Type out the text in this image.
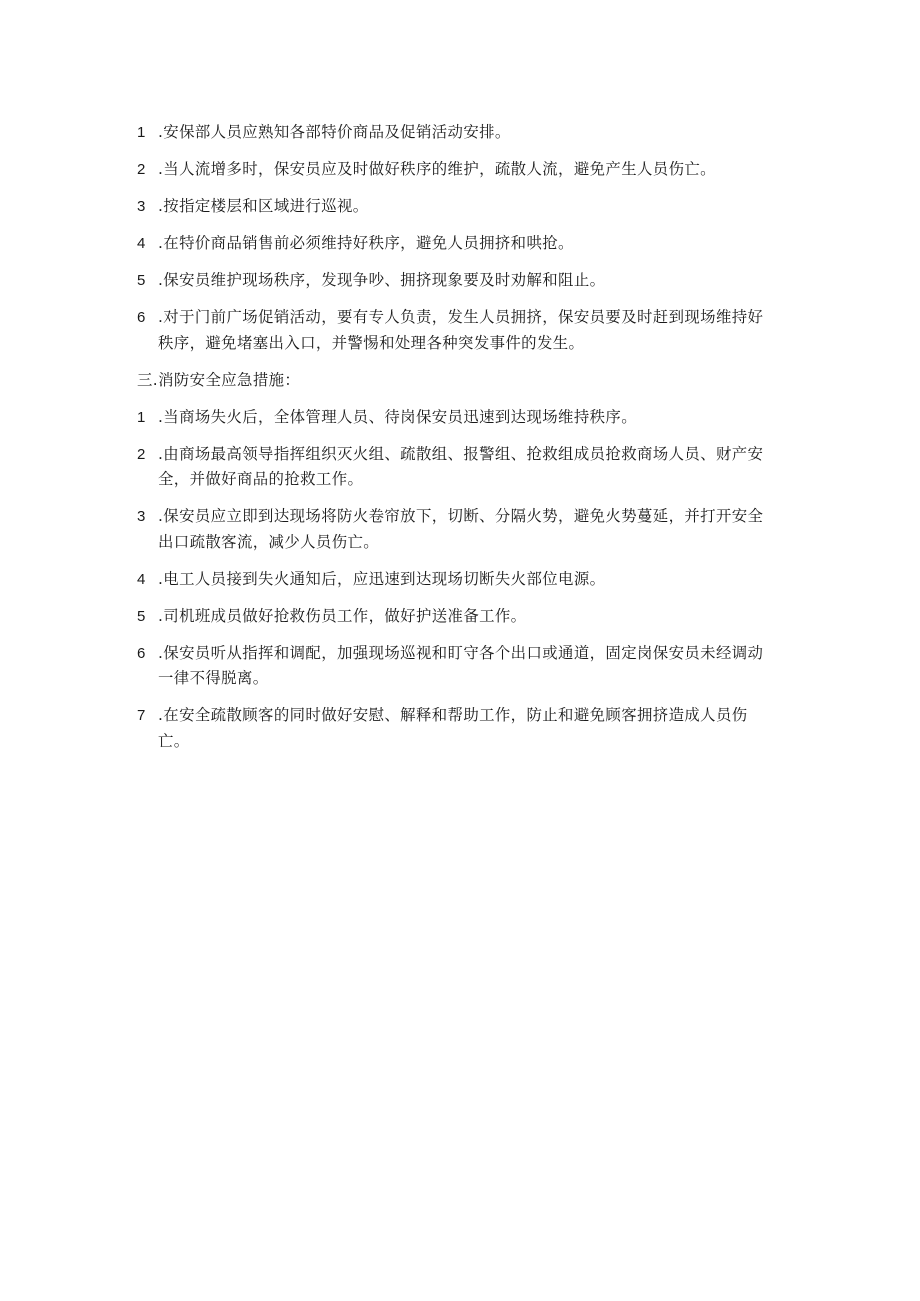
1 .安保部人员应熟知各部特价商品及促销活动安排。
2 .当人流增多时，保安员应及时做好秩序的维护，疏散人流，避免产生人员伤亡。
3 .按指定楼层和区域进行巡视。
4 .在特价商品销售前必须维持好秩序，避免人员拥挤和哄抢。
5 .保安员维护现场秩序，发现争吵、拥挤现象要及时劝解和阻止。
6 .对于门前广场促销活动，要有专人负责，发生人员拥挤，保安员要及时赶到现场维持好秩序，避免堵塞出入口，并警惕和处理各种突发事件的发生。
三.消防安全应急措施：
1 .当商场失火后，全体管理人员、待岗保安员迅速到达现场维持秩序。
2 .由商场最高领导指挥组织灭火组、疏散组、报警组、抢救组成员抢救商场人员、财产安全，并做好商品的抢救工作。
3 .保安员应立即到达现场将防火卷帘放下，切断、分隔火势，避免火势蔓延，并打开安全出口疏散客流，减少人员伤亡。
4 .电工人员接到失火通知后，应迅速到达现场切断失火部位电源。
5 .司机班成员做好抢救伤员工作，做好护送准备工作。
6 .保安员听从指挥和调配，加强现场巡视和盯守各个出口或通道，固定岗保安员未经调动一律不得脱离。
7 .在安全疏散顾客的同时做好安慰、解释和帮助工作，防止和避免顾客拥挤造成人员伤亡。
